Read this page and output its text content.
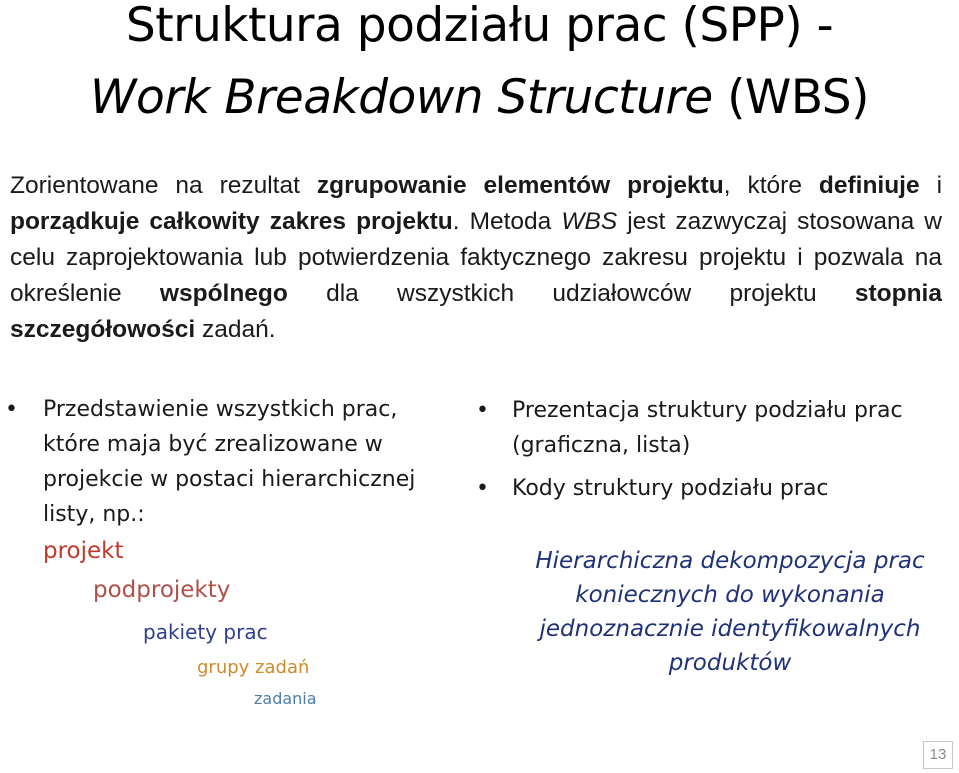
Struktura podziału prac (SPP) -
Work Breakdown Structure (WBS)
Zorientowane na rezultat zgrupowanie elementów projektu, które definiuje i porządkuje całkowity zakres projektu. Metoda WBS jest zazwyczaj stosowana w celu zaprojektowania lub potwierdzenia faktycznego zakresu projektu i pozwala na określenie wspólnego dla wszystkich udziałowców projektu stopnia szczegółowości zadań.
• Przedstawienie wszystkich prac, które maja być zrealizowane w projekcie w postaci hierarchicznej listy, np.:
projekt
podprojekty
pakiety prac
grupy zadań
zadania
• Prezentacja struktury podziału prac (graficzna, lista)
• Kody struktury podziału prac
Hierarchiczna dekompozycja prac
koniecznych do wykonania
jednoznacznie identyfikowalnych
produktów
13
